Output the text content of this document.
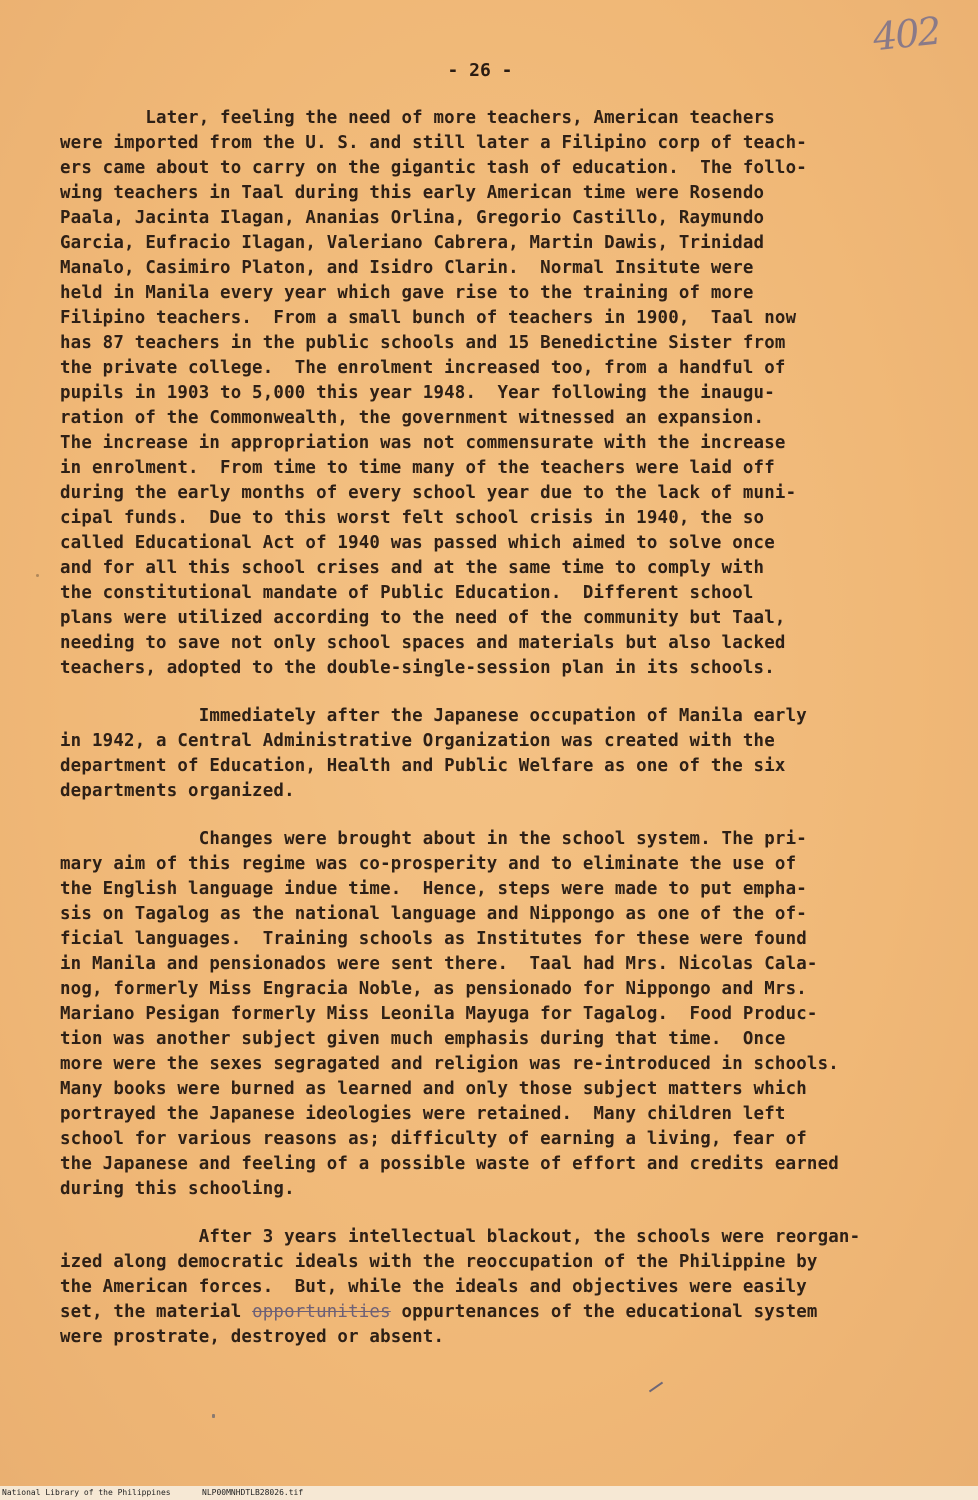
402
- 26 -
Later, feeling the need of more teachers, American teachers
were imported from the U. S. and still later a Filipino corp of teach-
ers came about to carry on the gigantic tash of education.  The follo-
wing teachers in Taal during this early American time were Rosendo
Paala, Jacinta Ilagan, Ananias Orlina, Gregorio Castillo, Raymundo
Garcia, Eufracio Ilagan, Valeriano Cabrera, Martin Dawis, Trinidad
Manalo, Casimiro Platon, and Isidro Clarin.  Normal Insitute were
held in Manila every year which gave rise to the training of more
Filipino teachers.  From a small bunch of teachers in 1900,  Taal now
has 87 teachers in the public schools and 15 Benedictine Sister from
the private college.  The enrolment increased too, from a handful of
pupils in 1903 to 5,000 this year 1948.  Year following the inaugu-
ration of the Commonwealth, the government witnessed an expansion.
The increase in appropriation was not commensurate with the increase
in enrolment.  From time to time many of the teachers were laid off
during the early months of every school year due to the lack of muni-
cipal funds.  Due to this worst felt school crisis in 1940, the so
called Educational Act of 1940 was passed which aimed to solve once
and for all this school crises and at the same time to comply with
the constitutional mandate of Public Education.  Different school
plans were utilized according to the need of the community but Taal,
needing to save not only school spaces and materials but also lacked
teachers, adopted to the double-single-session plan in its schools.
Immediately after the Japanese occupation of Manila early
in 1942, a Central Administrative Organization was created with the
department of Education, Health and Public Welfare as one of the six
departments organized.
Changes were brought about in the school system. The pri-
mary aim of this regime was co-prosperity and to eliminate the use of
the English language indue time.  Hence, steps were made to put empha-
sis on Tagalog as the national language and Nippongo as one of the of-
ficial languages.  Training schools as Institutes for these were found
in Manila and pensionados were sent there.  Taal had Mrs. Nicolas Cala-
nog, formerly Miss Engracia Noble, as pensionado for Nippongo and Mrs.
Mariano Pesigan formerly Miss Leonila Mayuga for Tagalog.  Food Produc-
tion was another subject given much emphasis during that time.  Once
more were the sexes segragated and religion was re-introduced in schools.
Many books were burned as learned and only those subject matters which
portrayed the Japanese ideologies were retained.  Many children left
school for various reasons as; difficulty of earning a living, fear of
the Japanese and feeling of a possible waste of effort and credits earned
during this schooling.
After 3 years intellectual blackout, the schools were reorgan-
ized along democratic ideals with the reoccupation of the Philippine by
the American forces.  But, while the ideals and objectives were easily
set, the material opportunities oppurtenances of the educational system
were prostrate, destroyed or absent.
National Library of the Philippines	NLP00MNHDTLB28026.tif
